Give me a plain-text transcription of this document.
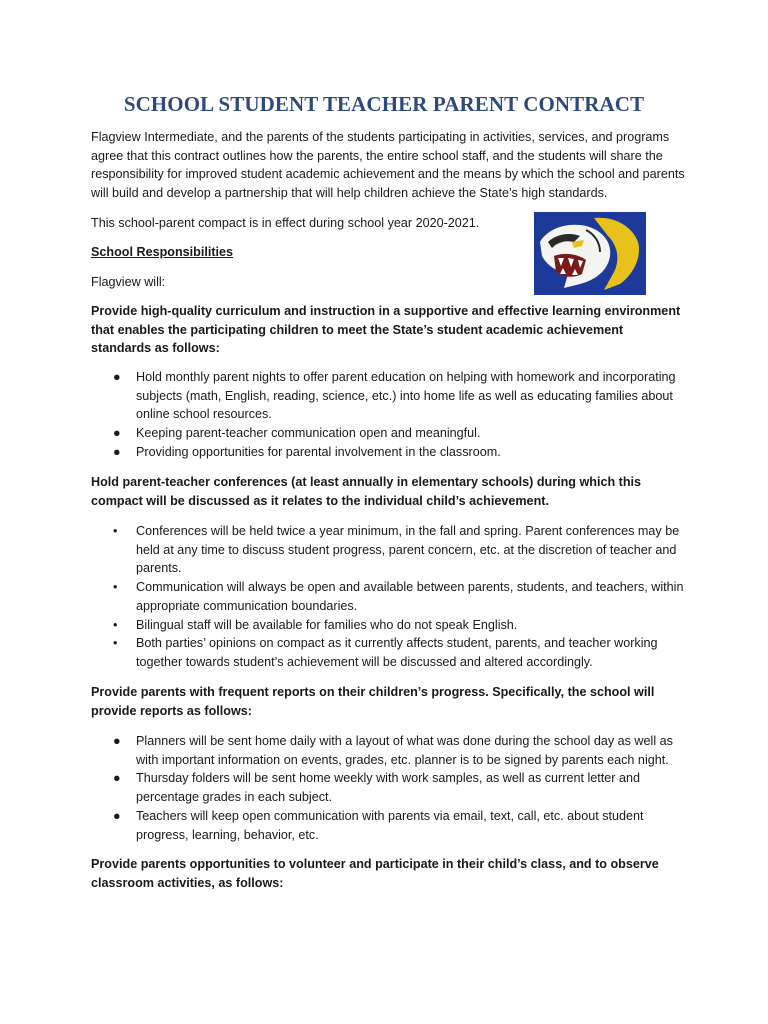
SCHOOL STUDENT TEACHER PARENT CONTRACT

Flagview Intermediate, and the parents of the students participating in activities, services, and programs agree that this contract outlines how the parents, the entire school staff, and the students will share the responsibility for improved student academic achievement and the means by which the school and parents will build and develop a partnership that will help children achieve the State’s high standards.

This school-parent compact is in effect during school year 2020-2021.

School Responsibilities

Flagview will:

Provide high-quality curriculum and instruction in a supportive and effective learning environment that enables the participating children to meet the State’s student academic achievement standards as follows:

● Hold monthly parent nights to offer parent education on helping with homework and incorporating subjects (math, English, reading, science, etc.) into home life as well as educating families about online school resources.
● Keeping parent-teacher communication open and meaningful.
● Providing opportunities for parental involvement in the classroom.

Hold parent-teacher conferences (at least annually in elementary schools) during which this compact will be discussed as it relates to the individual child’s achievement.

•	Conferences will be held twice a year minimum, in the fall and spring. Parent conferences may be held at any time to discuss student progress, parent concern, etc. at the discretion of teacher and parents.
•	Communication will always be open and available between parents, students, and teachers, within appropriate communication boundaries.
•	Bilingual staff will be available for families who do not speak English.
•	Both parties’ opinions on compact as it currently affects student, parents, and teacher working together towards student’s achievement will be discussed and altered accordingly.

Provide parents with frequent reports on their children’s progress. Specifically, the school will provide reports as follows:

● Planners will be sent home daily with a layout of what was done during the school day as well as with important information on events, grades, etc. planner is to be signed by parents each night.
● Thursday folders will be sent home weekly with work samples, as well as current letter and percentage grades in each subject.
● Teachers will keep open communication with parents via email, text, call, etc. about student progress, learning, behavior, etc.

Provide parents opportunities to volunteer and participate in their child’s class, and to observe classroom activities, as follows:
